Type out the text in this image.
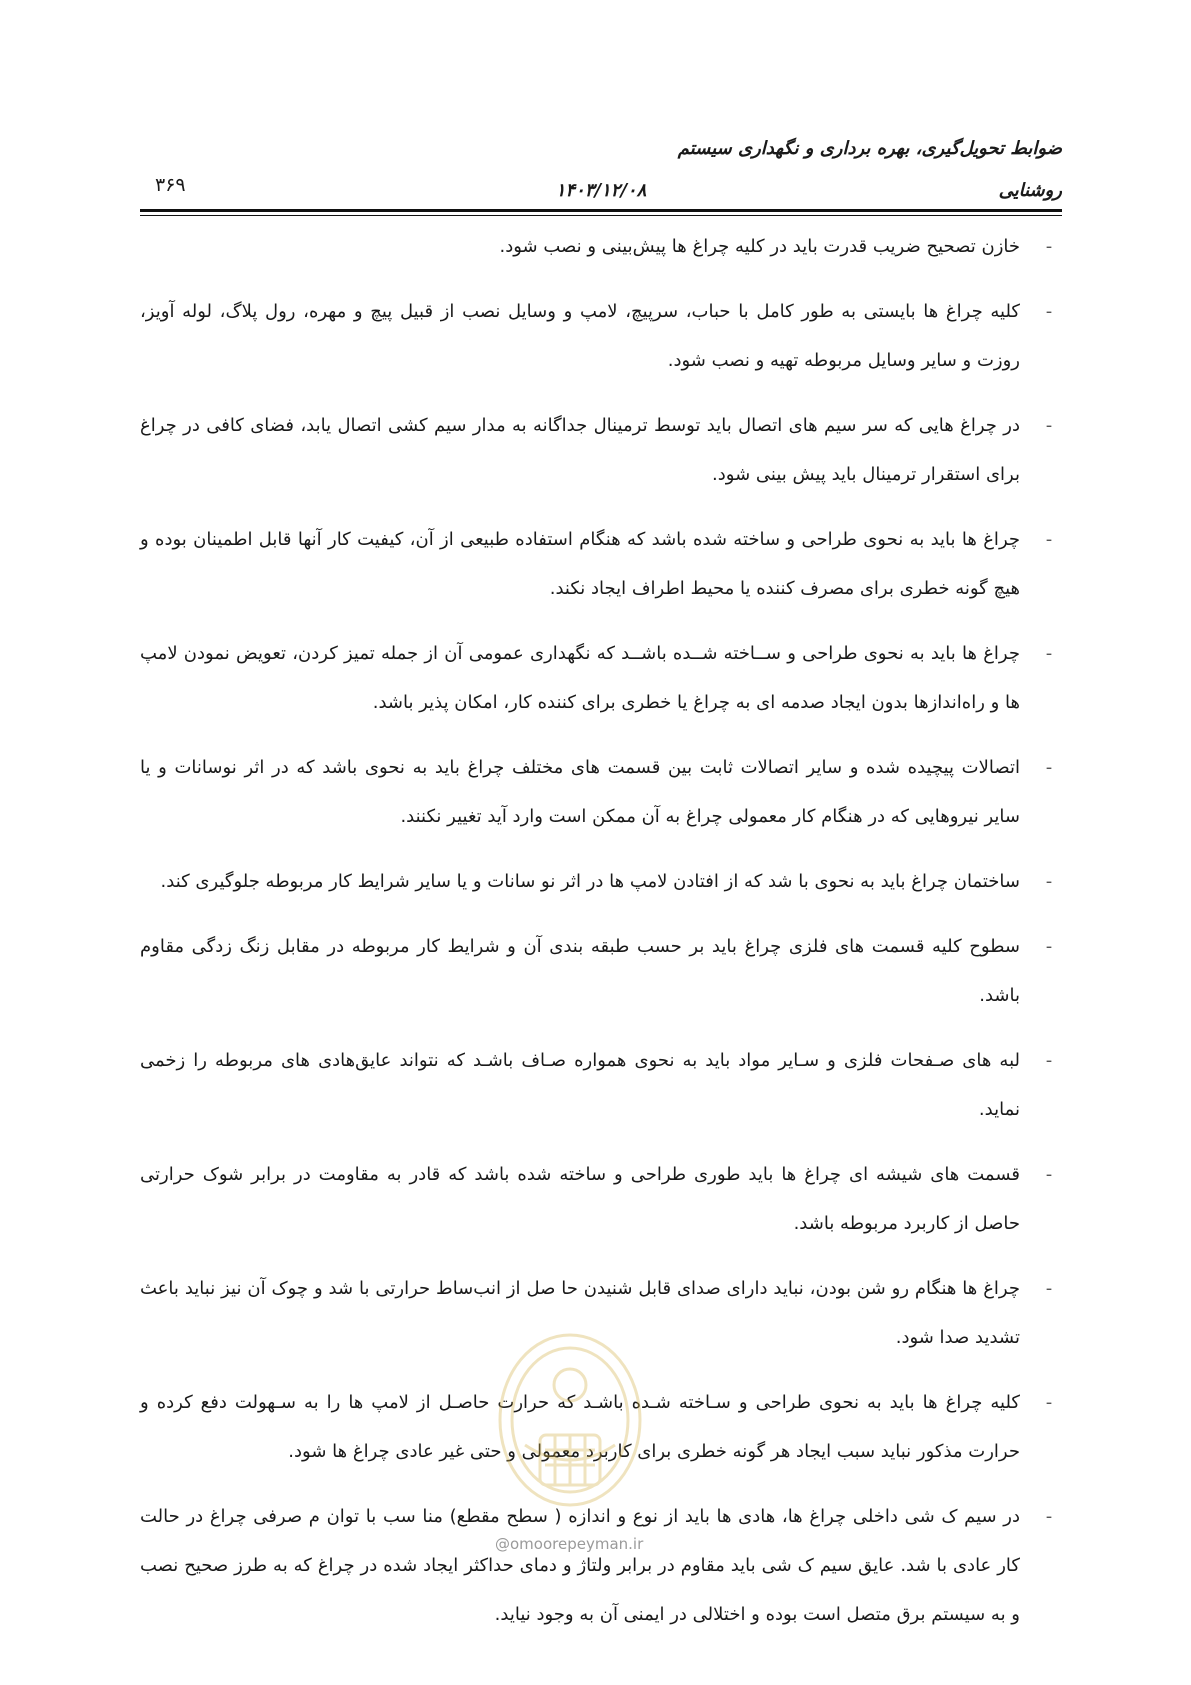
ضوابط تحویل‌گیری، بهره برداری و نگهداری سیستم
روشنایی
۱۴۰۳/۱۲/۰۸
۳۶۹
-
خازن تصحیح ضریب قدرت باید در کلیه چراغ ها پیش‌بینی و نصب شود.
-
کلیه چراغ ها بایستی به طور کامل با حباب، سرپیچ، لامپ و وسایل نصب از قبیل پیچ و مهره، رول پلاگ، لوله آویز، روزت و سایر وسایل مربوطه تهیه و نصب شود.
-
در چراغ هایی که سر سیم های اتصال باید توسط ترمینال جداگانه به مدار سیم کشی اتصال یابد، فضای کافی در چراغ برای استقرار ترمینال باید پیش بینی شود.
-
چراغ ها باید به نحوی طراحی و ساخته شده باشد که هنگام استفاده طبیعی از آن، کیفیت کار آنها قابل اطمینان بوده و هیچ گونه خطری برای مصرف کننده یا محیط اطراف ایجاد نکند.
-
چراغ ها باید به نحوی طراحی و ســاخته شــده باشــد که نگهداری عمومی آن از جمله تمیز کردن، تعویض نمودن لامپ ها و راه‌اندازها بدون ایجاد صدمه ای به چراغ یا خطری برای کننده کار، امکان پذیر باشد.
-
اتصالات پیچیده شده و سایر اتصالات ثابت بین قسمت های مختلف چراغ باید به نحوی باشد که در اثر نوسانات و یا سایر نیروهایی که در هنگام کار معمولی چراغ به آن ممکن است وارد آید تغییر نکنند.
-
ساختمان چراغ باید به نحوی با شد که از افتادن لامپ ها در اثر نو سانات و یا سایر شرایط کار مربوطه جلوگیری کند.
-
سطوح کلیه قسمت های فلزی چراغ باید بر حسب طبقه بندی آن و شرایط کار مربوطه در مقابل زنگ زدگی مقاوم باشد.
-
لبه های صـفحات فلزی و سـایر مواد باید به نحوی همواره صـاف باشـد که نتواند عایق‌هادی های مربوطه را زخمی نماید.
-
قسمت های شیشه ای چراغ ها باید طوری طراحی و ساخته شده باشد که قادر به مقاومت در برابر شوک حرارتی حاصل از کاربرد مربوطه باشد.
-
چراغ ها هنگام رو شن بودن، نباید دارای صدای قابل شنیدن حا صل از انب‌ساط حرارتی با شد و چوک آن نیز نباید باعث تشدید صدا شود.
-
کلیه چراغ ها باید به نحوی طراحی و سـاخته شـده باشـد که حرارت حاصـل از لامپ ها را به سـهولت دفع کرده و حرارت مذکور نباید سبب ایجاد هر گونه خطری برای کاربرد معمولی و حتی غیر عادی چراغ ها شود.
-
در سیم ک شی داخلی چراغ ها، هادی ها باید از نوع و اندازه ( سطح مقطع) منا سب با توان م صرفی چراغ در حالت کار عادی با شد. عایق سیم ک شی باید مقاوم در برابر ولتاژ و دمای حداکثر ایجاد شده در چراغ که به طرز صحیح نصب و به سیستم برق متصل است بوده و اختلالی در ایمنی آن به وجود نیاید.
@omoorepeyman.ir
